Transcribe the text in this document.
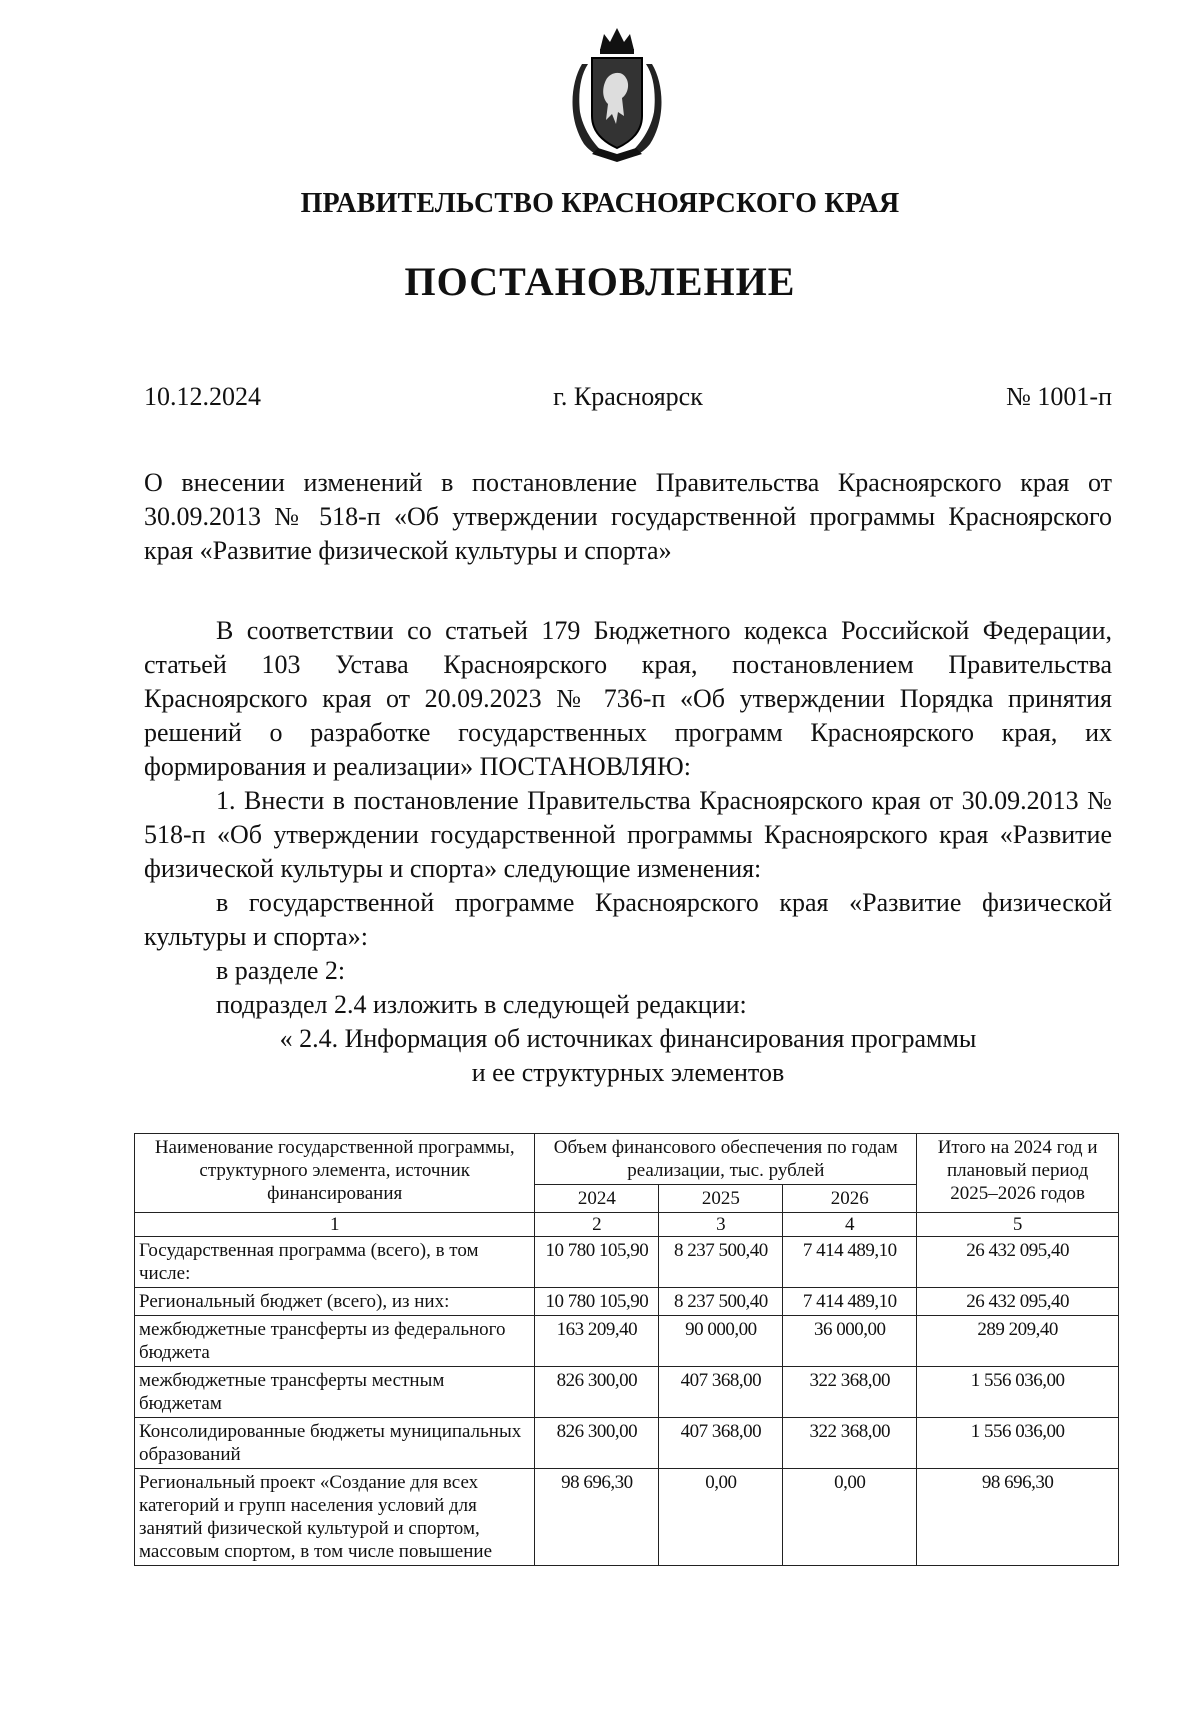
ПРАВИТЕЛЬСТВО КРАСНОЯРСКОГО КРАЯ
ПОСТАНОВЛЕНИЕ
г. Красноярск
10.12.2024	№ 1001-п
О внесении изменений в постановление Правительства Красноярского края от 30.09.2013 № 518-п «Об утверждении государственной программы Красноярского края «Развитие физической культуры и спорта»

В соответствии со статьей 179 Бюджетного кодекса Российской Федерации, статьей 103 Устава Красноярского края, постановлением Правительства Красноярского края от 20.09.2023 № 736-п «Об утверждении Порядка принятия решений о разработке государственных программ Красноярского края, их формирования и реализации» ПОСТАНОВЛЯЮ:

1. Внести в постановление Правительства Красноярского края от 30.09.2013 № 518-п «Об утверждении государственной программы Красноярского края «Развитие физической культуры и спорта» следующие изменения:

в государственной программе Красноярского края «Развитие физической культуры и спорта»:

в разделе 2:

подраздел 2.4 изложить в следующей редакции:

« 2.4. Информация об источниках финансирования программы

и ее структурных элементов

Наименование государственной программы, структурного элемента, источник финансирования	Объем финансового обеспечения по годам реализации, тыс. рублей			Итого на 2024 год и плановый период 2025–2026 годов
	2024	2025	2026	
1	2	3	4	5
Государственная программа (всего), в том числе:	10 780 105,90	8 237 500,40	7 414 489,10	26 432 095,40
Региональный бюджет (всего), из них:	10 780 105,90	8 237 500,40	7 414 489,10	26 432 095,40
межбюджетные трансферты из федерального бюджета	163 209,40	90 000,00	36 000,00	289 209,40
межбюджетные трансферты местным бюджетам	826 300,00	407 368,00	322 368,00	1 556 036,00
Консолидированные бюджеты муниципальных образований	826 300,00	407 368,00	322 368,00	1 556 036,00
Региональный проект «Создание для всех категорий и групп населения условий для занятий физической культурой и спортом, массовым спортом, в том числе повышение	98 696,30	0,00	0,00	98 696,30
